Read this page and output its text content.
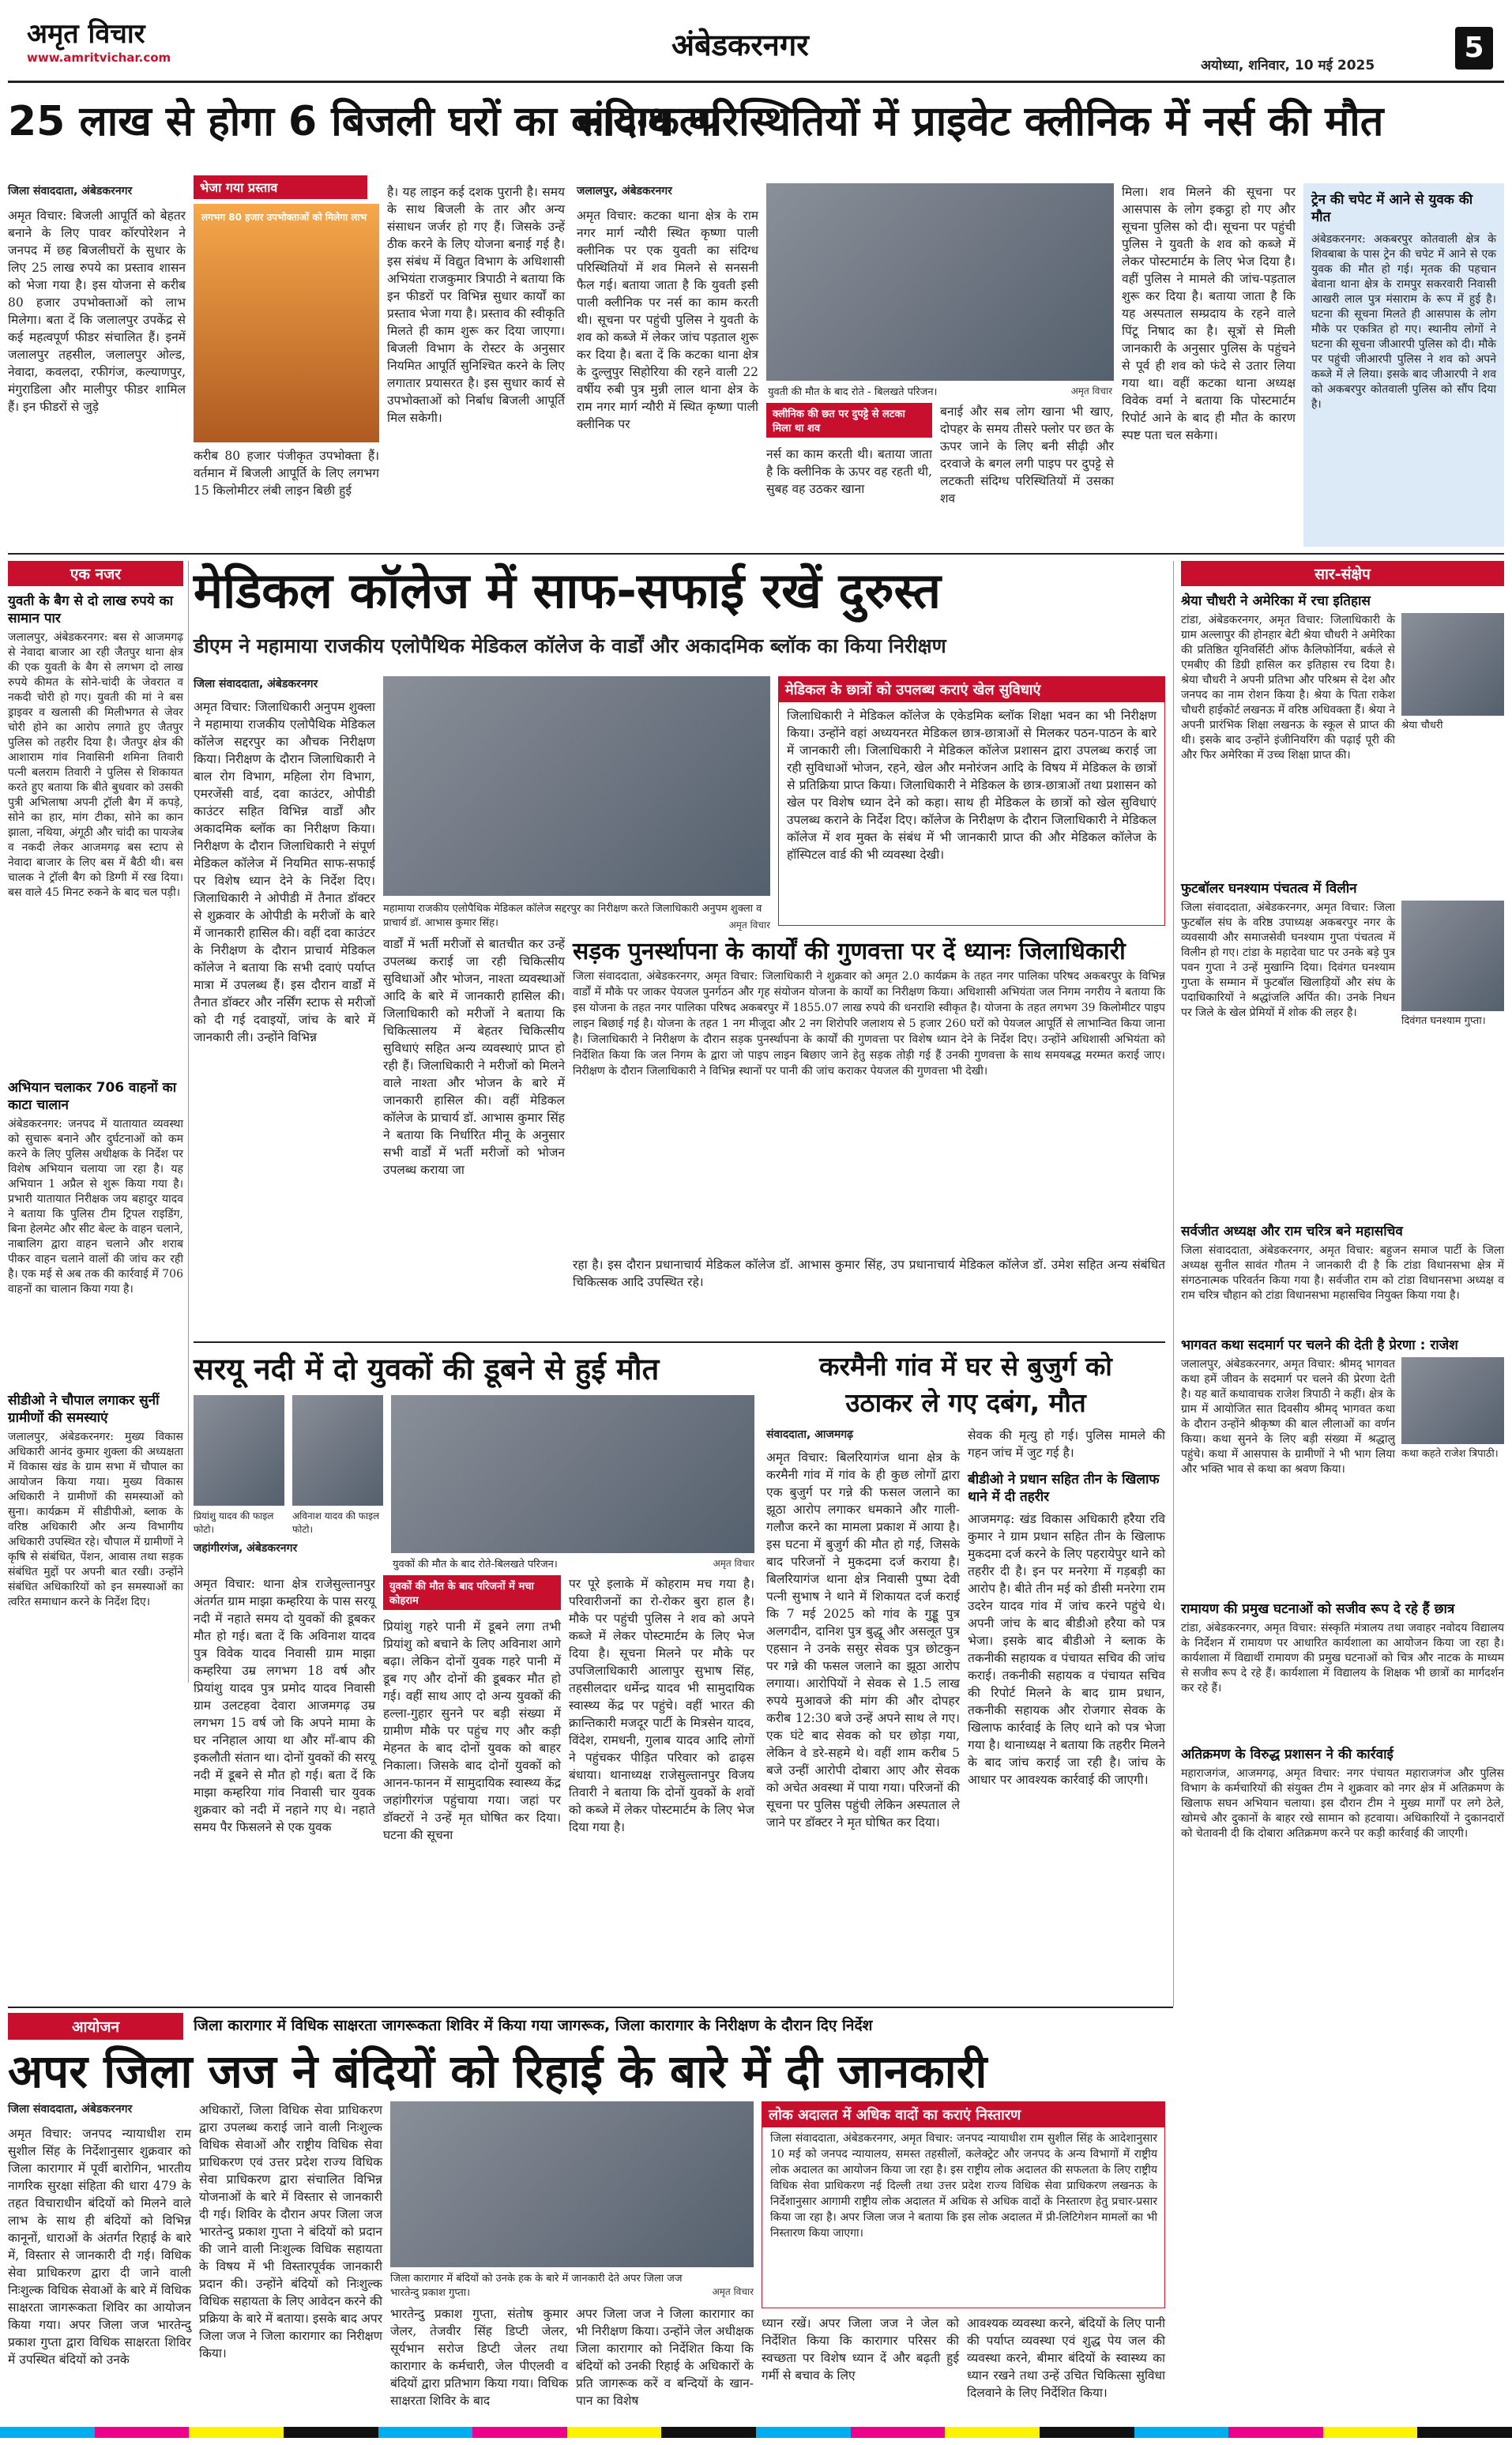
अमृत विचार
www.amritvichar.com	अंबेडकरनगर
अयोध्या, शनिवार, 10 मई 2025
5
25 लाख से होगा 6 बिजली घरों का कायाकल्प
भेजा गया प्रस्ताव
जिला संवाददाता, अंबेडकरनगर
अमृत विचार: बिजली आपूर्ति को बेहतर बनाने के लिए पावर कॉरपोरेशन ने जनपद में छह बिजलीघरों के सुधार के लिए 25 लाख रुपये का प्रस्ताव शासन को भेजा गया है। इस योजना से करीब 80 हजार उपभोक्ताओं को लाभ मिलेगा। बता दें कि जलालपुर उपकेंद्र से कई महत्वपूर्ण फीडर संचालित हैं। इनमें जलालपुर तहसील, जलालपुर ओल्ड, नेवादा, कवलदा, रफीगंज, कल्याणपुर, मंगुराडिला और मालीपुर फीडर शामिल हैं। इन फीडरों से जुड़े
लगभग 80 हजार उपभोक्ताओं को मिलेगा लाभ
करीब 80 हजार पंजीकृत उपभोक्ता हैं। वर्तमान में बिजली आपूर्ति के लिए लगभग 15 किलोमीटर लंबी लाइन बिछी हुई
है। यह लाइन कई दशक पुरानी है। समय के साथ बिजली के तार और अन्य संसाधन जर्जर हो गए हैं। जिसके उन्हें ठीक करने के लिए योजना बनाई गई है। इस संबंध में विद्युत विभाग के अधिशासी अभियंता राजकुमार त्रिपाठी ने बताया कि इन फीडरों पर विभिन्न सुधार कार्यों का प्रस्ताव भेजा गया है। प्रस्ताव की स्वीकृति मिलते ही काम शुरू कर दिया जाएगा। बिजली विभाग के रोस्टर के अनुसार नियमित आपूर्ति सुनिश्चित करने के लिए लगातार प्रयासरत है। इस सुधार कार्य से उपभोक्ताओं को निर्बाध बिजली आपूर्ति मिल सकेगी।
संदिग्ध परिस्थितियों में प्राइवेट क्लीनिक में नर्स की मौत
जलालपुर, अंबेडकरनगर
अमृत विचार: कटका थाना क्षेत्र के राम नगर मार्ग न्यौरी स्थित कृष्णा पाली क्लीनिक पर एक युवती का संदिग्ध परिस्थितियों में शव मिलने से सनसनी फैल गई। बताया जाता है कि युवती इसी पाली क्लीनिक पर नर्स का काम करती थी। सूचना पर पहुंची पुलिस ने युवती के शव को कब्जे में लेकर जांच पड़ताल शुरू कर दिया है। बता दें कि कटका थाना क्षेत्र के दुल्लुपुर सिहोरिया की रहने वाली 22 वर्षीय रुबी पुत्र मुन्नी लाल थाना क्षेत्र के राम नगर मार्ग न्यौरी में स्थित कृष्णा पाली क्लीनिक पर
युवती की मौत के बाद रोते - बिलखते परिजन।	अमृत विचार
क्लीनिक की छत पर दुपट्टे से लटका मिला था शव
नर्स का काम करती थी। बताया जाता है कि क्लीनिक के ऊपर वह रहती थी, सुबह वह उठकर खाना
बनाई और सब लोग खाना भी खाए, दोपहर के समय तीसरे फ्लोर पर छत के ऊपर जाने के लिए बनी सीढ़ी और दरवाजे के बगल लगी पाइप पर दुपट्टे से लटकती संदिग्ध परिस्थितियों में उसका शव
मिला। शव मिलने की सूचना पर आसपास के लोग इकट्ठा हो गए और सूचना पुलिस को दी। सूचना पर पहुंची पुलिस ने युवती के शव को कब्जे में लेकर पोस्टमार्टम के लिए भेज दिया है। वहीं पुलिस ने मामले की जांच-पड़ताल शुरू कर दिया है। बताया जाता है कि यह अस्पताल सम्प्रदाय के रहने वाले पिंटू निषाद का है। सूत्रों से मिली जानकारी के अनुसार पुलिस के पहुंचने से पूर्व ही शव को फंदे से उतार लिया गया था। वहीं कटका थाना अध्यक्ष विवेक वर्मा ने बताया कि पोस्टमार्टम रिपोर्ट आने के बाद ही मौत के कारण स्पष्ट पता चल सकेगा।
ट्रेन की चपेट में आने से युवक की मौत
अंबेडकरनगर: अकबरपुर कोतवाली क्षेत्र के शिवबाबा के पास ट्रेन की चपेट में आने से एक युवक की मौत हो गई। मृतक की पहचान बेवाना थाना क्षेत्र के रामपुर सकरवारी निवासी आखरी लाल पुत्र मंसाराम के रूप में हुई है। घटना की सूचना मिलते ही आसपास के लोग मौके पर एकत्रित हो गए। स्थानीय लोगों ने घटना की सूचना जीआरपी पुलिस को दी। मौके पर पहुंची जीआरपी पुलिस ने शव को अपने कब्जे में ले लिया। इसके बाद जीआरपी ने शव को अकबरपुर कोतवाली पुलिस को सौंप दिया है।
एक नजर
युवती के बैग से दो लाख रुपये का सामान पार
जलालपुर, अंबेडकरनगर: बस से आजमगढ़ से नेवादा बाजार आ रही जैतपुर थाना क्षेत्र की एक युवती के बैग से लगभग दो लाख रुपये कीमत के सोने-चांदी के जेवरात व नकदी चोरी हो गए। युवती की मां ने बस ड्राइवर व खलासी की मिलीभगत से जेवर चोरी होने का आरोप लगाते हुए जैतपुर पुलिस को तहरीर दिया है। जैतपुर क्षेत्र की आशाराम गांव निवासिनी शमिना तिवारी पत्नी बलराम तिवारी ने पुलिस से शिकायत करते हुए बताया कि बीते बुधवार को उसकी पुत्री अभिलाषा अपनी ट्रॉली बैग में कपड़े, सोने का हार, मांग टीका, सोने का कान झाला, नथिया, अंगूठी और चांदी का पायजेब व नकदी लेकर आजमगढ़ बस स्टाप से नेवादा बाजार के लिए बस में बैठी थी। बस चालक ने ट्रॉली बैग को डिग्गी में रख दिया। बस वाले 45 मिनट रुकने के बाद चल पड़ी।
अभियान चलाकर 706 वाहनों का काटा चालान
अंबेडकरनगर: जनपद में यातायात व्यवस्था को सुचारू बनाने और दुर्घटनाओं को कम करने के लिए पुलिस अधीक्षक के निर्देश पर विशेष अभियान चलाया जा रहा है। यह अभियान 1 अप्रैल से शुरू किया गया है। प्रभारी यातायात निरीक्षक जय बहादुर यादव ने बताया कि पुलिस टीम ट्रिपल राइडिंग, बिना हेलमेट और सीट बेल्ट के वाहन चलाने, नाबालिग द्वारा वाहन चलाने और शराब पीकर वाहन चलाने वालों की जांच कर रही है। एक मई से अब तक की कार्रवाई में 706 वाहनों का चालान किया गया है।
सीडीओ ने चौपाल लगाकर सुनीं ग्रामीणों की समस्याएं
जलालपुर, अंबेडकरनगर: मुख्य विकास अधिकारी आनंद कुमार शुक्ला की अध्यक्षता में विकास खंड के ग्राम सभा में चौपाल का आयोजन किया गया। मुख्य विकास अधिकारी ने ग्रामीणों की समस्याओं को सुना। कार्यक्रम में सीडीपीओ, ब्लाक के वरिष्ठ अधिकारी और अन्य विभागीय अधिकारी उपस्थित रहे। चौपाल में ग्रामीणों ने कृषि से संबंधित, पेंशन, आवास तथा सड़क संबंधित मुद्दों पर अपनी बात रखी। उन्होंने संबंधित अधिकारियों को इन समस्याओं का त्वरित समाधान करने के निर्देश दिए।
मेडिकल कॉलेज में साफ-सफाई रखें दुरुस्त
डीएम ने महामाया राजकीय एलोपैथिक मेडिकल कॉलेज के वार्डों और अकादमिक ब्लॉक का किया निरीक्षण
जिला संवाददाता, अंबेडकरनगर
अमृत विचार: जिलाधिकारी अनुपम शुक्ला ने महामाया राजकीय एलोपैथिक मेडिकल कॉलेज सद्दरपुर का औचक निरीक्षण किया। निरीक्षण के दौरान जिलाधिकारी ने बाल रोग विभाग, महिला रोग विभाग, एमरजेंसी वार्ड, दवा काउंटर, ओपीडी काउंटर सहित विभिन्न वार्डों और अकादमिक ब्लॉक का निरीक्षण किया। निरीक्षण के दौरान जिलाधिकारी ने संपूर्ण मेडिकल कॉलेज में नियमित साफ-सफाई पर विशेष ध्यान देने के निर्देश दिए। जिलाधिकारी ने ओपीडी में तैनात डॉक्टर से शुक्रवार के ओपीडी के मरीजों के बारे में जानकारी हासिल की। वहीं दवा काउंटर के निरीक्षण के दौरान प्राचार्य मेडिकल कॉलेज ने बताया कि सभी दवाएं पर्याप्त मात्रा में उपलब्ध हैं। इस दौरान वार्डों में तैनात डॉक्टर और नर्सिंग स्टाफ से मरीजों को दी गई दवाइयों, जांच के बारे में जानकारी ली। उन्होंने विभिन्न
महामाया राजकीय एलोपैथिक मेडिकल कॉलेज सद्दरपुर का निरीक्षण करते जिलाधिकारी अनुपम शुक्ला व प्राचार्य डॉ. आभास कुमार सिंह।	अमृत विचार
वार्डों में भर्ती मरीजों से बातचीत कर उन्हें उपलब्ध कराई जा रही चिकित्सीय सुविधाओं और भोजन, नाश्ता व्यवस्थाओं आदि के बारे में जानकारी हासिल की। जिलाधिकारी को मरीजों ने बताया कि चिकित्सालय में बेहतर चिकित्सीय सुविधाएं सहित अन्य व्यवस्थाएं प्राप्त हो रही हैं। जिलाधिकारी ने मरीजों को मिलने वाले नाश्ता और भोजन के बारे में जानकारी हासिल की। वहीं मेडिकल कॉलेज के प्राचार्य डॉ. आभास कुमार सिंह ने बताया कि निर्धारित मीनू के अनुसार सभी वार्डों में भर्ती मरीजों को भोजन उपलब्ध कराया जा
मेडिकल के छात्रों को उपलब्ध कराएं खेल सुविधाएं
जिलाधिकारी ने मेडिकल कॉलेज के एकेडमिक ब्लॉक शिक्षा भवन का भी निरीक्षण किया। उन्होंने वहां अध्ययनरत मेडिकल छात्र-छात्राओं से मिलकर पठन-पाठन के बारे में जानकारी ली। जिलाधिकारी ने मेडिकल कॉलेज प्रशासन द्वारा उपलब्ध कराई जा रही सुविधाओं भोजन, रहने, खेल और मनोरंजन आदि के विषय में मेडिकल के छात्रों से प्रतिक्रिया प्राप्त किया। जिलाधिकारी ने मेडिकल के छात्र-छात्राओं तथा प्रशासन को खेल पर विशेष ध्यान देने को कहा। साथ ही मेडिकल के छात्रों को खेल सुविधाएं उपलब्ध कराने के निर्देश दिए। कॉलेज के निरीक्षण के दौरान जिलाधिकारी ने मेडिकल कॉलेज में शव मुक्त के संबंध में भी जानकारी प्राप्त की और मेडिकल कॉलेज के हॉस्पिटल वार्ड की भी व्यवस्था देखी।
सड़क पुनर्स्थापना के कार्यों की गुणवत्ता पर दें ध्यानः जिलाधिकारी
जिला संवाददाता, अंबेडकरनगर, अमृत विचार: जिलाधिकारी ने शुक्रवार को अमृत 2.0 कार्यक्रम के तहत नगर पालिका परिषद अकबरपुर के विभिन्न वार्डों में मौके पर जाकर पेयजल पुनर्गठन और गृह संयोजन योजना के कार्यों का निरीक्षण किया। अधिशासी अभियंता जल निगम नगरीय ने बताया कि इस योजना के तहत नगर पालिका परिषद अकबरपुर में 1855.07 लाख रुपये की धनराशि स्वीकृत है। योजना के तहत लगभग 39 किलोमीटर पाइप लाइन बिछाई गई है। योजना के तहत 1 नग मीजूदा और 2 नग शिरोपरि जलाशय से 5 हजार 260 घरों को पेयजल आपूर्ति से लाभान्वित किया जाना है। जिलाधिकारी ने निरीक्षण के दौरान सड़क पुनर्स्थापना के कार्यों की गुणवत्ता पर विशेष ध्यान देने के निर्देश दिए। उन्होंने अधिशासी अभियंता को निर्देशित किया कि जल निगम के द्वारा जो पाइप लाइन बिछाए जाने हेतु सड़क तोड़ी गई हैं उनकी गुणवत्ता के साथ समयबद्ध मरम्मत कराई जाए। निरीक्षण के दौरान जिलाधिकारी ने विभिन्न स्थानों पर पानी की जांच कराकर पेयजल की गुणवत्ता भी देखी।
रहा है। इस दौरान प्रधानाचार्य मेडिकल कॉलेज डॉ. आभास कुमार सिंह, उप प्रधानाचार्य मेडिकल कॉलेज डॉ. उमेश सहित अन्य संबंधित चिकित्सक आदि उपस्थित रहे।
सरयू नदी में दो युवकों की डूबने से हुई मौत
प्रियांशु यादव की फाइल फोटो।
अविनाश यादव की फाइल फोटो।
जहांगीरगंज, अंबेडकरनगर
युवकों की मौत के बाद रोते-बिलखते परिजन।	अमृत विचार
अमृत विचार: थाना क्षेत्र राजेसुल्तानपुर अंतर्गत ग्राम माझा कम्हरिया के पास सरयू नदी में नहाते समय दो युवकों की डूबकर मौत हो गई। बता दें कि अविनाश यादव पुत्र विवेक यादव निवासी ग्राम माझा कम्हरिया उम्र लगभग 18 वर्ष और प्रियांशु यादव पुत्र प्रमोद यादव निवासी ग्राम उलटहवा देवारा आजमगढ़ उम्र लगभग 15 वर्ष जो कि अपने मामा के घर ननिहाल आया था और माँ-बाप की इकलौती संतान था। दोनों युवकों की सरयू नदी में डूबने से मौत हो गई। बता दें कि माझा कम्हरिया गांव निवासी चार युवक शुक्रवार को नदी में नहाने गए थे। नहाते समय पैर फिसलने से एक युवक
युवकों की मौत के बाद परिजनों में मचा कोहराम
प्रियांशु गहरे पानी में डूबने लगा तभी प्रियांशु को बचाने के लिए अविनाश आगे बढ़ा। लेकिन दोनों युवक गहरे पानी में डूब गए और दोनों की डूबकर मौत हो गई। वहीं साथ आए दो अन्य युवकों की हल्ला-गुहार सुनने पर बड़ी संख्या में ग्रामीण मौके पर पहुंच गए और कड़ी मेहनत के बाद दोनों युवक को बाहर निकाला। जिसके बाद दोनों युवकों को आनन-फानन में सामुदायिक स्वास्थ्य केंद्र जहांगीरगंज पहुंचाया गया। जहां पर डॉक्टरों ने उन्हें मृत घोषित कर दिया। घटना की सूचना
पर पूरे इलाके में कोहराम मच गया है। परिवारीजनों का रो-रोकर बुरा हाल है। मौके पर पहुंची पुलिस ने शव को अपने कब्जे में लेकर पोस्टमार्टम के लिए भेज दिया है। सूचना मिलने पर मौके पर उपजिलाधिकारी आलापुर सुभाष सिंह, तहसीलदार धर्मेन्द्र यादव भी सामुदायिक स्वास्थ्य केंद्र पर पहुंचे। वहीं भारत की क्रान्तिकारी मजदूर पार्टी के मित्रसेन यादव, विंदेश, रामधनी, गुलाब यादव आदि लोगों ने पहुंचकर पीड़ित परिवार को ढाढ़स बंधाया। थानाध्यक्ष राजेसुल्तानपुर विजय तिवारी ने बताया कि दोनों युवकों के शवों को कब्जे में लेकर पोस्टमार्टम के लिए भेज दिया गया है।
करमैनी गांव में घर से बुजुर्ग को
उठाकर ले गए दबंग, मौत
संवाददाता, आजमगढ़
अमृत विचार: बिलरियागंज थाना क्षेत्र के करमैनी गांव में गांव के ही कुछ लोगों द्वारा एक बुजुर्ग पर गन्ने की फसल जलाने का झूठा आरोप लगाकर धमकाने और गाली-गलौज करने का मामला प्रकाश में आया है। इस घटना में बुजुर्ग की मौत हो गई, जिसके बाद परिजनों ने मुकदमा दर्ज कराया है। बिलरियागंज थाना क्षेत्र निवासी पुष्पा देवी पत्नी सुभाष ने थाने में शिकायत दर्ज कराई कि 7 मई 2025 को गांव के गुड्डू पुत्र अलगदीन, दानिश पुत्र बुद्धू और असलूत पुत्र एहसान ने उनके ससुर सेवक पुत्र छोटकुन पर गन्ने की फसल जलाने का झूठा आरोप लगाया। आरोपियों ने सेवक से 1.5 लाख रुपये मुआवजे की मांग की और दोपहर करीब 12:30 बजे उन्हें अपने साथ ले गए। एक घंटे बाद सेवक को घर छोड़ा गया, लेकिन वे डरे-सहमे थे। वहीं शाम करीब 5 बजे उन्हीं आरोपी दोबारा आए और सेवक को अचेत अवस्था में पाया गया। परिजनों की सूचना पर पुलिस पहुंची लेकिन अस्पताल ले जाने पर डॉक्टर ने मृत घोषित कर दिया।
सेवक की मृत्यु हो गई। पुलिस मामले की गहन जांच में जुट गई है।
बीडीओ ने प्रधान सहित तीन के खिलाफ थाने में दी तहरीर
आजमगढ़: खंड विकास अधिकारी हरैया रवि कुमार ने ग्राम प्रधान सहित तीन के खिलाफ मुकदमा दर्ज करने के लिए पहरायेपुर थाने को तहरीर दी है। इन पर मनरेगा में गड़बड़ी का आरोप है। बीते तीन मई को डीसी मनरेगा राम उदरेन यादव गांव में जांच करने पहुंचे थे। अपनी जांच के बाद बीडीओ हरैया को पत्र भेजा। इसके बाद बीडीओ ने ब्लाक के तकनीकी सहायक व पंचायत सचिव की जांच कराई। तकनीकी सहायक व पंचायत सचिव की रिपोर्ट मिलने के बाद ग्राम प्रधान, तकनीकी सहायक और रोजगार सेवक के खिलाफ कार्रवाई के लिए थाने को पत्र भेजा गया है। थानाध्यक्ष ने बताया कि तहरीर मिलने के बाद जांच कराई जा रही है। जांच के आधार पर आवश्यक कार्रवाई की जाएगी।
सार-संक्षेप
श्रेया चौधरी ने अमेरिका में रचा इतिहास
टांडा, अंबेडकरनगर, अमृत विचार: जिलाधिकारी के ग्राम अल्लापुर की होनहार बेटी श्रेया चौधरी ने अमेरिका की प्रतिष्ठित यूनिवर्सिटी ऑफ कैलिफोर्निया, बर्कले से एमबीए की डिग्री हासिल कर इतिहास रच दिया है। श्रेया चौधरी ने अपनी प्रतिभा और परिश्रम से देश और जनपद का नाम रोशन किया है। श्रेया के पिता राकेश चौधरी हाईकोर्ट लखनऊ में वरिष्ठ अधिवक्ता हैं। श्रेया ने अपनी प्रारंभिक शिक्षा लखनऊ के स्कूल से प्राप्त की थी। इसके बाद उन्होंने इंजीनियरिंग की पढ़ाई पूरी की और फिर अमेरिका में उच्च शिक्षा प्राप्त की।
श्रेया चौधरी
फुटबॉलर घनश्याम पंचतत्व में विलीन
जिला संवाददाता, अंबेडकरनगर, अमृत विचार: जिला फुटबॉल संघ के वरिष्ठ उपाध्यक्ष अकबरपुर नगर के व्यवसायी और समाजसेवी घनश्याम गुप्ता पंचतत्व में विलीन हो गए। टांडा के महादेवा घाट पर उनके बड़े पुत्र पवन गुप्ता ने उन्हें मुखाग्नि दिया। दिवंगत घनश्याम गुप्ता के सम्मान में फुटबॉल खिलाड़ियों और संघ के पदाधिकारियों ने श्रद्धांजलि अर्पित की। उनके निधन पर जिले के खेल प्रेमियों में शोक की लहर है।
दिवंगत घनश्याम गुप्ता।
सर्वजीत अध्यक्ष और राम चरित्र बने महासचिव
जिला संवाददाता, अंबेडकरनगर, अमृत विचार: बहुजन समाज पार्टी के जिला अध्यक्ष सुनील सावंत गौतम ने जानकारी दी है कि टांडा विधानसभा क्षेत्र में संगठनात्मक परिवर्तन किया गया है। सर्वजीत राम को टांडा विधानसभा अध्यक्ष व राम चरित्र चौहान को टांडा विधानसभा महासचिव नियुक्त किया गया है।
भागवत कथा सदमार्ग पर चलने की देती है प्रेरणा : राजेश
जलालपुर, अंबेडकरनगर, अमृत विचार: श्रीमद् भागवत कथा हमें जीवन के सदमार्ग पर चलने की प्रेरणा देती है। यह बातें कथावाचक राजेश त्रिपाठी ने कहीं। क्षेत्र के ग्राम में आयोजित सात दिवसीय श्रीमद् भागवत कथा के दौरान उन्होंने श्रीकृष्ण की बाल लीलाओं का वर्णन किया। कथा सुनने के लिए बड़ी संख्या में श्रद्धालु पहुंचे। कथा में आसपास के ग्रामीणों ने भी भाग लिया और भक्ति भाव से कथा का श्रवण किया।
कथा कहते राजेश त्रिपाठी।
रामायण की प्रमुख घटनाओं को सजीव रूप दे रहे हैं छात्र
टांडा, अंबेडकरनगर, अमृत विचार: संस्कृति मंत्रालय तथा जवाहर नवोदय विद्यालय के निर्देशन में रामायण पर आधारित कार्यशाला का आयोजन किया जा रहा है। कार्यशाला में विद्यार्थी रामायण की प्रमुख घटनाओं को चित्र और नाटक के माध्यम से सजीव रूप दे रहे हैं। कार्यशाला में विद्यालय के शिक्षक भी छात्रों का मार्गदर्शन कर रहे हैं।
अतिक्रमण के विरुद्ध प्रशासन ने की कार्रवाई
महाराजगंज, आजमगढ़, अमृत विचार: नगर पंचायत महाराजगंज और पुलिस विभाग के कर्मचारियों की संयुक्त टीम ने शुक्रवार को नगर क्षेत्र में अतिक्रमण के खिलाफ सघन अभियान चलाया। इस दौरान टीम ने मुख्य मार्गों पर लगे ठेले, खोमचे और दुकानों के बाहर रखे सामान को हटवाया। अधिकारियों ने दुकानदारों को चेतावनी दी कि दोबारा अतिक्रमण करने पर कड़ी कार्रवाई की जाएगी।
आयोजन	जिला कारागार में विधिक साक्षरता जागरूकता शिविर में किया गया जागरूक, जिला कारागार के निरीक्षण के दौरान दिए निर्देश
अपर जिला जज ने बंदियों को रिहाई के बारे में दी जानकारी
जिला संवाददाता, अंबेडकरनगर
अमृत विचार: जनपद न्यायाधीश राम सुशील सिंह के निर्देशानुसार शुक्रवार को जिला कारागार में पूर्वी बारोगिन, भारतीय नागरिक सुरक्षा संहिता की धारा 479 के तहत विचाराधीन बंदियों को मिलने वाले लाभ के साथ ही बंदियों को विभिन्न कानूनों, धाराओं के अंतर्गत रिहाई के बारे में, विस्तार से जानकारी दी गई। विधिक सेवा प्राधिकरण द्वारा दी जाने वाली निःशुल्क विधिक सेवाओं के बारे में विधिक साक्षरता जागरूकता शिविर का आयोजन किया गया। अपर जिला जज भारतेन्दु प्रकाश गुप्ता द्वारा विधिक साक्षरता शिविर में उपस्थित बंदियों को उनके
अधिकारों, जिला विधिक सेवा प्राधिकरण द्वारा उपलब्ध कराई जाने वाली निःशुल्क विधिक सेवाओं और राष्ट्रीय विधिक सेवा प्राधिकरण एवं उत्तर प्रदेश राज्य विधिक सेवा प्राधिकरण द्वारा संचालित विभिन्न योजनाओं के बारे में विस्तार से जानकारी दी गई। शिविर के दौरान अपर जिला जज भारतेन्दु प्रकाश गुप्ता ने बंदियों को प्रदान की जाने वाली निःशुल्क विधिक सहायता के विषय में भी विस्तारपूर्वक जानकारी प्रदान की। उन्होंने बंदियों को निःशुल्क विधिक सहायता के लिए आवेदन करने की प्रक्रिया के बारे में बताया। इसके बाद अपर जिला जज ने जिला कारागार का निरीक्षण किया।
जिला कारागार में बंदियों को उनके हक के बारे में जानकारी देते अपर जिला जज भारतेन्दु प्रकाश गुप्ता।	अमृत विचार
भारतेन्दु प्रकाश गुप्ता, संतोष कुमार जेलर, तेजवीर सिंह डिप्टी जेलर, सूर्यभान सरोज डिप्टी जेलर तथा कारागार के कर्मचारी, जेल पीएलवी व बंदियों द्वारा प्रतिभाग किया गया। विधिक साक्षरता शिविर के बाद
अपर जिला जज ने जिला कारागार का भी निरीक्षण किया। उन्होंने जेल अधीक्षक जिला कारागार को निर्देशित किया कि बंदियों को उनकी रिहाई के अधिकारों के प्रति जागरूक करें व बन्दियों के खान-पान का विशेष
लोक अदालत में अधिक वादों का कराएं निस्तारण
जिला संवाददाता, अंबेडकरनगर, अमृत विचार: जनपद न्यायाधीश राम सुशील सिंह के आदेशानुसार 10 मई को जनपद न्यायालय, समस्त तहसीलों, कलेक्ट्रेट और जनपद के अन्य विभागों में राष्ट्रीय लोक अदालत का आयोजन किया जा रहा है। इस राष्ट्रीय लोक अदालत की सफलता के लिए राष्ट्रीय विधिक सेवा प्राधिकरण नई दिल्ली तथा उत्तर प्रदेश राज्य विधिक सेवा प्राधिकरण लखनऊ के निर्देशानुसार आगामी राष्ट्रीय लोक अदालत में अधिक से अधिक वादों के निस्तारण हेतु प्रचार-प्रसार किया जा रहा है। अपर जिला जज ने बताया कि इस लोक अदालत में प्री-लिटिगेशन मामलों का भी निस्तारण किया जाएगा।
ध्यान रखें। अपर जिला जज ने जेल को निर्देशित किया कि कारागार परिसर की स्वच्छता पर विशेष ध्यान दें और बढ़ती हुई गर्मी से बचाव के लिए
आवश्यक व्यवस्था करने, बंदियों के लिए पानी की पर्याप्त व्यवस्था एवं शुद्ध पेय जल की व्यवस्था करने, बीमार बंदियों के स्वास्थ्य का ध्यान रखने तथा उन्हें उचित चिकित्सा सुविधा दिलवाने के लिए निर्देशित किया।
